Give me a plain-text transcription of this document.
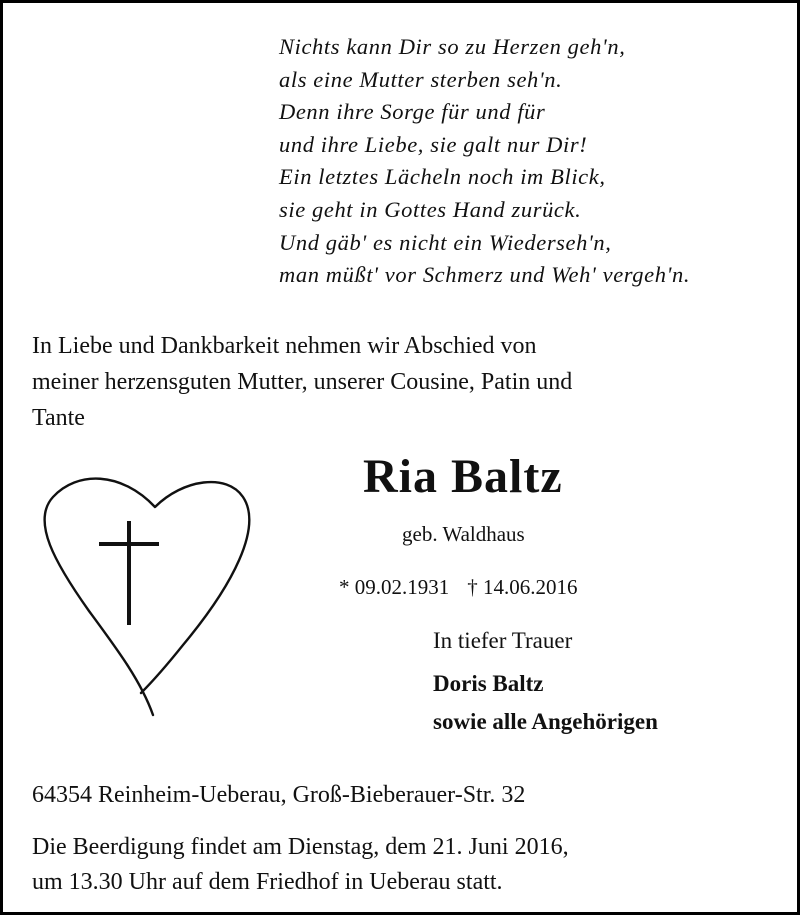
Nichts kann Dir so zu Herzen geh'n,
als eine Mutter sterben seh'n.
Denn ihre Sorge für und für
und ihre Liebe, sie galt nur Dir!
Ein letztes Lächeln noch im Blick,
sie geht in Gottes Hand zurück.
Und gäb' es nicht ein Wiederseh'n,
man müßt' vor Schmerz und Weh' vergeh'n.
In Liebe und Dankbarkeit nehmen wir Abschied von
meiner herzensguten Mutter, unserer Cousine, Patin und
Tante
Ria Baltz
geb. Waldhaus
* 09.02.1931 † 14.06.2016
In tiefer Trauer
Doris Baltz
sowie alle Angehörigen
64354 Reinheim-Ueberau, Groß-Bieberauer-Str. 32
Die Beerdigung findet am Dienstag, dem 21. Juni 2016,
um 13.30 Uhr auf dem Friedhof in Ueberau statt.
